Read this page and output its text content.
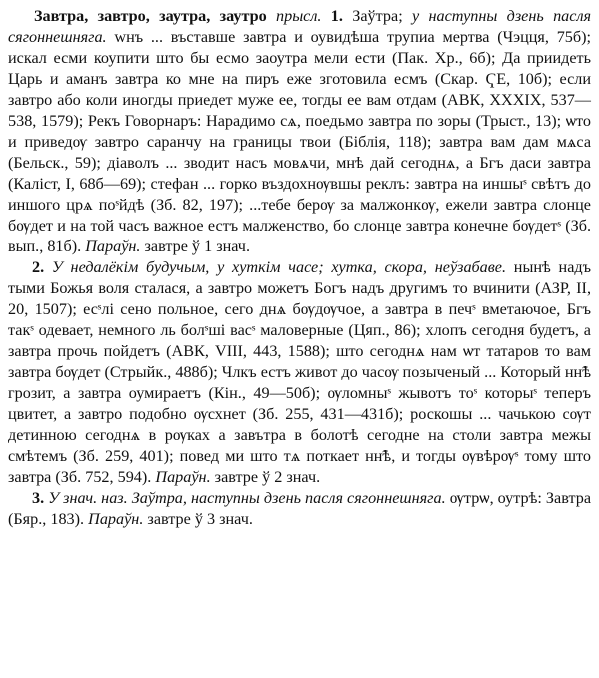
Завтра, завтро, заутра, заутро прысл. 1. Заўтра; у наступны дзень пасля сягоннешняга. wнъ ... въставше завтра и оувидѣша трупиа мертва (Чэцця, 75б); искал есми коупити што бы есмо заоутра мели ести (Пак. Хр., 6б); Да приидеть Царь и аманъ завтра ко мне на пиръ еже зготовила есмъ (Скар. ҀЕ, 10б); если завтро або коли иногды приедет муже ее, тогды ее вам отдам (АВК, XXXIX, 537—538, 1579); Рекъ Говорнаръ: Нарадимо сѧ, поедьмо завтра по зоры (Трыст., 13); ѡто и приведѹ завтро саранчу на границы твои (Біблія, 118); завтра вам дам мѧса (Бельск., 59); діаволъ ... зводит насъ мовѧчи, мнѣ дай сегоднѧ, а Бгъ даси завтра (Каліст, I, 68б—69); стефан ... горко въздохнѹвшы реклъ: завтра на иншыˢ свѣтъ до иншого црѧ поˢйдѣ (Зб. 82, 197); ...тебе берѹ за малжонкѹ, ежели завтра слонце бѹдет и на той часъ важное естъ малженство, бо слонце завтра конечне бѹдетˢ (Зб. вып., 81б). Параўн. завтре ў 1 знач.

2. У недалёкім будучым, у хуткім часе; хутка, скора, неўзабаве. нынѣ надъ тыми Божья воля сталася, а завтро можетъ Богъ надъ другимъ то вчинити (АЗР, II, 20, 1507); есˢлі сено польное, сего днѧ бѹдѹчое, а завтра в печˢ вметаючое, Бгъ такˢ одевает, немного ль болˢші васˢ маловерные (Цяп., 86); хлопъ сегодня будетъ, а завтра прочь пойдетъ (АВК, VIII, 443, 1588); што сегоднѧ нам ѡт татаров то вам завтра бѹдет (Стрыйк., 488б); Члкъ естъ живот до часѹ позыченый ... Который нн̃ѣ грозит, а завтра оумираетъ (Кін., 49—50б); ѹломныˢ жывотъ тоˢ которыˢ теперъ цвитет, а завтро подобно ѹсхнет (Зб. 255, 431—431б); роскошы ... чачькою сѹт детинною сегоднѧ в рѹках а завътра в болотѣ сегодне на столи завтра межы смѣтемъ (Зб. 259, 401); повед ми што тѧ поткает нн̃ѣ, и тогды ѹвѣрѹˢ тому што завтра (Зб. 752, 594). Параўн. завтре ў 2 знач.

3. У знач. наз. Заўтра, наступны дзень пасля сягоннешняга. ѹтрѡ, оутрѣ: Завтра (Бяр., 183). Параўн. завтре ў 3 знач.
